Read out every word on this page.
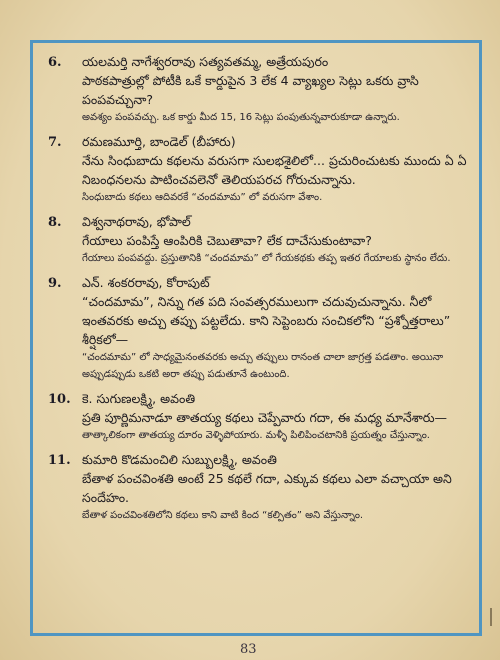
6.	యలమర్తి నాగేశ్వరరావు సత్యవతమ్మ, అత్రేయపురం
పాఠకపాత్రుల్లో పోటీకి ఒకే కార్డుపైన 3 లేక 4 వ్యాఖ్యల సెట్లు ఒకరు వ్రాసి పంపవచ్చునా?
అవశ్యం పంపవచ్చు. ఒక కార్డు మీద 15, 16 సెట్లు పంపుతున్నవారుకూడా ఉన్నారు.
7.	రమణమూర్తి, బాండెల్ (బీహారు)
నేను సింధుబాదు కథలను వరుసగా సులభశైలిలో... ప్రచురించుటకు ముందు ఏ ఏ నిబంధనలను పాటించవలెనో తెలియపరచ గోరుచున్నాను.
సింధుబాదు కథలు ఆదివరకే “చందమామ” లో వరుసగా వేశాం.
8.	విశ్వనాథరావు, భోపాల్
గేయాలు పంపిస్తే ఆంపిరికి చెబుతావా? లేక దాచేసుకుంటావా?
గేయాలు పంపవద్దు. ప్రస్తుతానికి “చందమామ” లో గేయకథకు తప్ప ఇతర గేయాలకు స్థానం లేదు.
9.	ఎన్. శంకరరావు, కోరాపుట్
“చందమామ”, నిన్ను గత పది సంవత్సరములుగా చదువుచున్నాను. నీలో ఇంతవరకు అచ్చు తప్పు పట్టలేదు. కాని సెప్టెంబరు సంచికలోని “ప్రశ్నోత్తరాలు” శీర్షికలో—
“చందమామ” లో సాధ్యమైనంతవరకు అచ్చు తప్పులు రానంత చాలా జాగ్రత్త పడతాం. అయినా అప్పుడప్పుడు ఒకటి అరా తప్పు పడుతూనే ఉంటుంది.
10. కె. సుగుణలక్ష్మి, అవంతి
ప్రతి పూర్ణిమనాడూ తాతయ్య కథలు చెప్పేవారు గదా, ఈ మధ్య మానేశారు—
తాత్కాలికంగా తాతయ్య దూరం వెళ్ళిపోయారు. మళ్ళీ పిలిపించటానికి ప్రయత్నం చేస్తున్నాం.
11. కుమారి కొడమంచిలి సుబ్బులక్ష్మి, అవంతి
బేతాళ పంచవింశతి అంటే 25 కథలే గదా, ఎక్కువ కథలు ఎలా వచ్చాయా అని సందేహం.
బేతాళ పంచవింశతిలోని కథలు కాని వాటి కింద “కల్పితం” అని వేస్తున్నాం.
83
